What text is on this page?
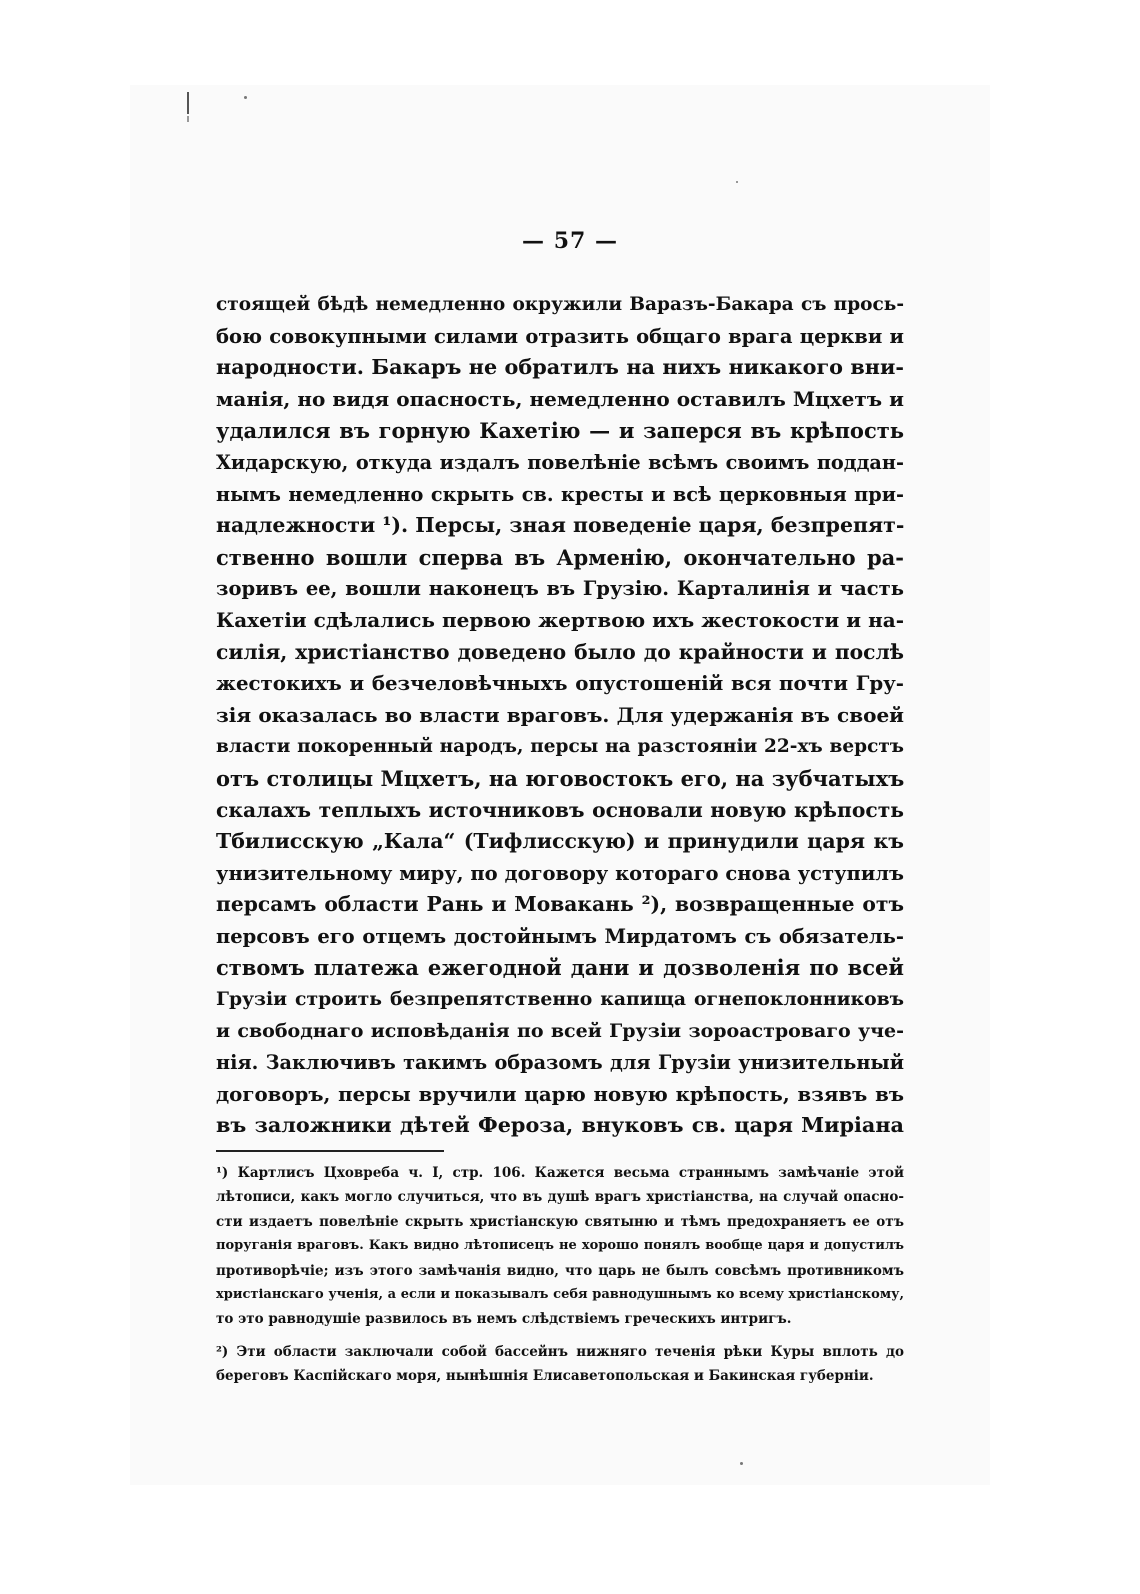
— 57 —
стоящей бѣдѣ немедленно окружили Варазъ-Бакара съ прось-
бою совокупными силами отразить общаго врага церкви и
народности. Бакаръ не обратилъ на нихъ никакого вни-
манія, но видя опасность, немедленно оставилъ Мцхетъ и
удалился въ горную Кахетію — и заперся въ крѣпость
Хидарскую, откуда издалъ повелѣніе всѣмъ своимъ поддан-
нымъ немедленно скрыть св. кресты и всѣ церковныя при-
надлежности ¹). Персы, зная поведеніе царя, безпрепят-
ственно вошли сперва въ Арменію, окончательно ра-
зоривъ ее, вошли наконецъ въ Грузію. Карталинія и часть
Кахетіи сдѣлались первою жертвою ихъ жестокости и на-
силія, христіанство доведено было до крайности и послѣ
жестокихъ и безчеловѣчныхъ опустошеній вся почти Гру-
зія оказалась во власти враговъ. Для удержанія въ своей
власти покоренный народъ, персы на разстояніи 22-хъ верстъ
отъ столицы Мцхетъ, на юговостокъ его, на зубчатыхъ
скалахъ теплыхъ источниковъ основали новую крѣпость
Тбилисскую „Кала“ (Тифлисскую) и принудили царя къ
унизительному миру, по договору котораго снова уступилъ
персамъ области Рань и Мовакань ²), возвращенные отъ
персовъ его отцемъ достойнымъ Мирдатомъ съ обязатель-
ствомъ платежа ежегодной дани и дозволенія по всей
Грузіи строить безпрепятственно капища огнепоклонниковъ
и свободнаго исповѣданія по всей Грузіи зороастроваго уче-
нія. Заключивъ такимъ образомъ для Грузіи унизительный
договоръ, персы вручили царю новую крѣпость, взявъ въ
въ заложники дѣтей Фероза, внуковъ св. царя Миріана
¹) Картлисъ Цховреба ч. I, стр. 106. Кажется весьма страннымъ замѣчаніе этой
лѣтописи, какъ могло случиться, что въ душѣ врагъ христіанства, на случай опасно-
сти издаетъ повелѣніе скрыть христіанскую святыню и тѣмъ предохраняетъ ее отъ
поруганія враговъ. Какъ видно лѣтописецъ не хорошо понялъ вообще царя и допустилъ
противорѣчіе; изъ этого замѣчанія видно, что царь не былъ совсѣмъ противникомъ
христіанскаго ученія, а если и показывалъ себя равнодушнымъ ко всему христіанскому,
то это равнодушіе развилось въ немъ слѣдствіемъ греческихъ интригъ.
²) Эти области заключали собой бассейнъ нижняго теченія рѣки Куры вплоть до
береговъ Каспійскаго моря, нынѣшнія Елисаветопольская и Бакинская губерніи.
